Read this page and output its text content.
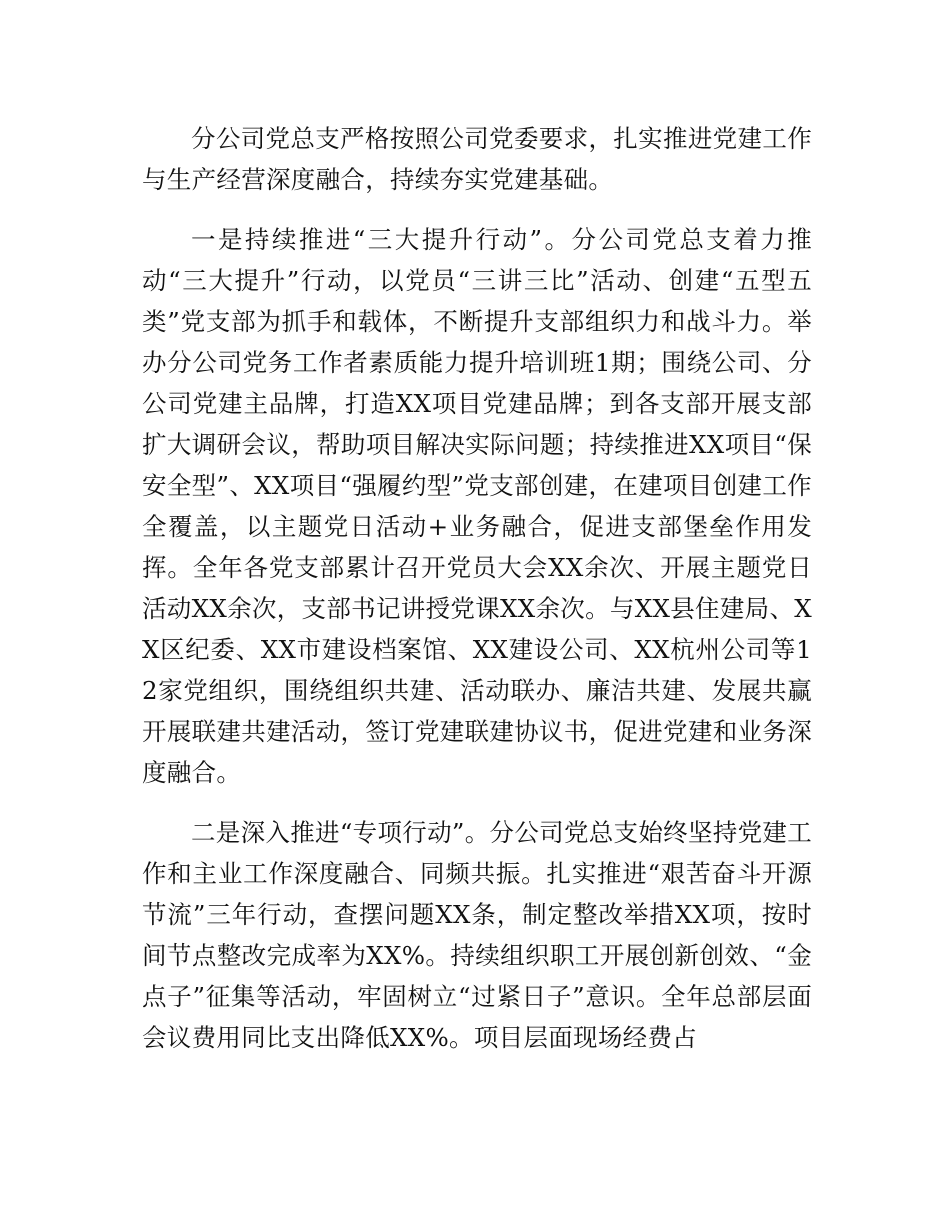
分公司党总支严格按照公司党委要求，扎实推进党建工作与生产经营深度融合，持续夯实党建基础。

一是持续推进“三大提升行动”。分公司党总支着力推动“三大提升”行动，以党员“三讲三比”活动、创建“五型五类”党支部为抓手和载体，不断提升支部组织力和战斗力。举办分公司党务工作者素质能力提升培训班1期；围绕公司、分公司党建主品牌，打造XX项目党建品牌；到各支部开展支部扩大调研会议，帮助项目解决实际问题；持续推进XX项目“保安全型”、XX项目“强履约型”党支部创建，在建项目创建工作全覆盖，以主题党日活动+业务融合，促进支部堡垒作用发挥。全年各党支部累计召开党员大会XX余次、开展主题党日活动XX余次，支部书记讲授党课XX余次。与XX县住建局、XX区纪委、XX市建设档案馆、XX建设公司、XX杭州公司等12家党组织，围绕组织共建、活动联办、廉洁共建、发展共赢开展联建共建活动，签订党建联建协议书，促进党建和业务深度融合。

二是深入推进“专项行动”。分公司党总支始终坚持党建工作和主业工作深度融合、同频共振。扎实推进“艰苦奋斗开源节流”三年行动，查摆问题XX条，制定整改举措XX项，按时间节点整改完成率为XX%。持续组织职工开展创新创效、“金点子”征集等活动，牢固树立“过紧日子”意识。全年总部层面会议费用同比支出降低XX%。项目层面现场经费占
